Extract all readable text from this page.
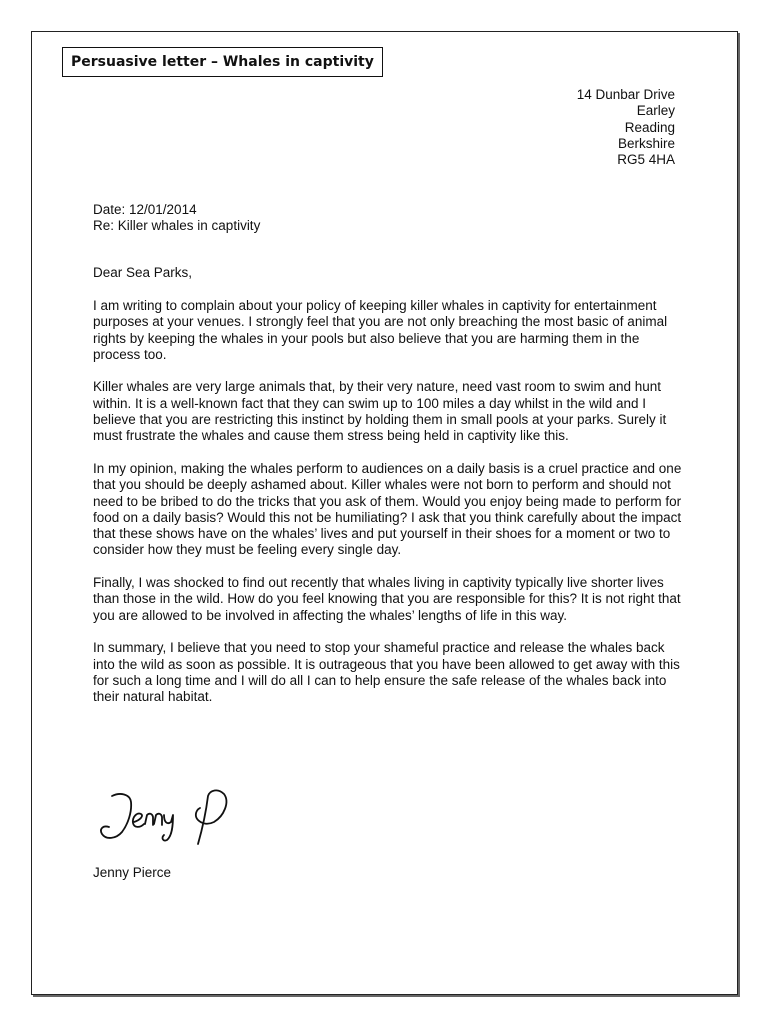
Persuasive letter – Whales in captivity
14 Dunbar Drive
Earley
Reading
Berkshire
RG5 4HA
Date: 12/01/2014
Re: Killer whales in captivity
Dear Sea Parks,

I am writing to complain about your policy of keeping killer whales in captivity for entertainment purposes at your venues. I strongly feel that you are not only breaching the most basic of animal rights by keeping the whales in your pools but also believe that you are harming them in the process too.

Killer whales are very large animals that, by their very nature, need vast room to swim and hunt within. It is a well-known fact that they can swim up to 100 miles a day whilst in the wild and I believe that you are restricting this instinct by holding them in small pools at your parks. Surely it must frustrate the whales and cause them stress being held in captivity like this.

In my opinion, making the whales perform to audiences on a daily basis is a cruel practice and one that you should be deeply ashamed about. Killer whales were not born to perform and should not need to be bribed to do the tricks that you ask of them. Would you enjoy being made to perform for food on a daily basis? Would this not be humiliating? I ask that you think carefully about the impact that these shows have on the whales’ lives and put yourself in their shoes for a moment or two to consider how they must be feeling every single day.

Finally, I was shocked to find out recently that whales living in captivity typically live shorter lives than those in the wild. How do you feel knowing that you are responsible for this? It is not right that you are allowed to be involved in affecting the whales’ lengths of life in this way.

In summary, I believe that you need to stop your shameful practice and release the whales back into the wild as soon as possible. It is outrageous that you have been allowed to get away with this for such a long time and I will do all I can to help ensure the safe release of the whales back into their natural habitat.

Jenny Pierce
